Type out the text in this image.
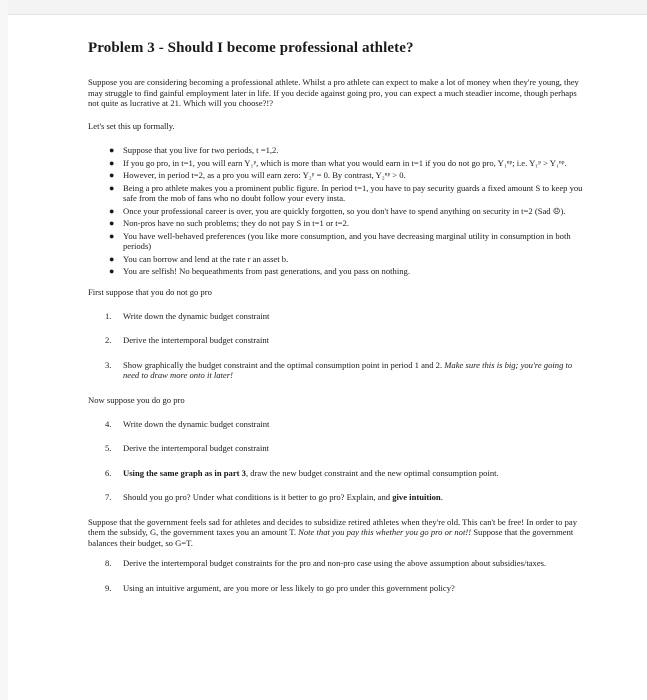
Problem 3 - Should I become professional athlete?

Suppose you are considering becoming a professional athlete. Whilst a pro athlete can expect to make a lot of money when they're young, they may struggle to find gainful employment later in life. If you decide against going pro, you can expect a much steadier income, though perhaps not quite as lucrative at 21. Which will you choose?!?

Let's set this up formally.

● Suppose that you live for two periods, t =1,2.
● If you go pro, in t=1, you will earn Y₁ᵖ, which is more than what you would earn in t=1 if you do not go pro, Y₁ⁿᵖ; i.e. Y₁ᵖ > Y₁ⁿᵖ.
● However, in period t=2, as a pro you will earn zero: Y₂ᵖ = 0. By contrast, Y₂ⁿᵖ > 0.
● Being a pro athlete makes you a prominent public figure. In period t=1, you have to pay security guards a fixed amount S to keep you safe from the mob of fans who no doubt follow your every insta.
● Once your professional career is over, you are quickly forgotten, so you don't have to spend anything on security in t=2 (Sad ☹).
● Non-pros have no such problems; they do not pay S in t=1 or t=2.
● You have well-behaved preferences (you like more consumption, and you have decreasing marginal utility in consumption in both periods)
● You can borrow and lend at the rate r an asset b.
● You are selfish! No bequeathments from past generations, and you pass on nothing.
First suppose that you do not go pro
1. Write down the dynamic budget constraint
2. Derive the intertemporal budget constraint
3. Show graphically the budget constraint and the optimal consumption point in period 1 and 2. Make sure this is big; you're going to need to draw more onto it later!
Now suppose you do go pro
4. Write down the dynamic budget constraint
5. Derive the intertemporal budget constraint
6. Using the same graph as in part 3, draw the new budget constraint and the new optimal consumption point.
7. Should you go pro? Under what conditions is it better to go pro? Explain, and give intuition.

Suppose that the government feels sad for athletes and decides to subsidize retired athletes when they're old. This can't be free! In order to pay them the subsidy, G, the government taxes you an amount T. Note that you pay this whether you go pro or not!! Suppose that the government balances their budget, so G=T.

8. Derive the intertemporal budget constraints for the pro and non-pro case using the above assumption about subsidies/taxes.
9. Using an intuitive argument, are you more or less likely to go pro under this government policy?
